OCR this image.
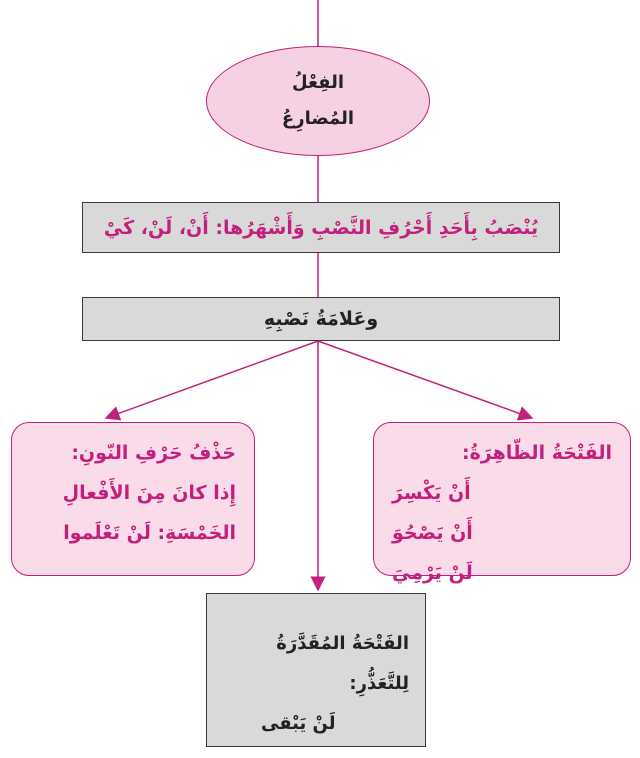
الفِعْلُ
المُضارِعُ
يُنْصَبُ بِأَحَدِ أَحْرُفِ النَّصْبِ وَأَشْهَرُها: أَنْ، لَنْ، كَيْ
وعَلامَةُ نَصْبِهِ
الفَتْحَةُ الظّاهِرَةُ:
أَنْ يَكْسِرَ
أَنْ يَصْحُوَ
لَنْ يَرْمِيَ
حَذْفُ حَرْفِ النّونِ:
إِذا كانَ مِنَ الأَفْعالِ
الخَمْسَةِ: لَنْ تَعْلَموا
الفَتْحَةُ المُقَدَّرَةُ لِلتَّعَذُّرِ:
لَنْ يَبْقى
